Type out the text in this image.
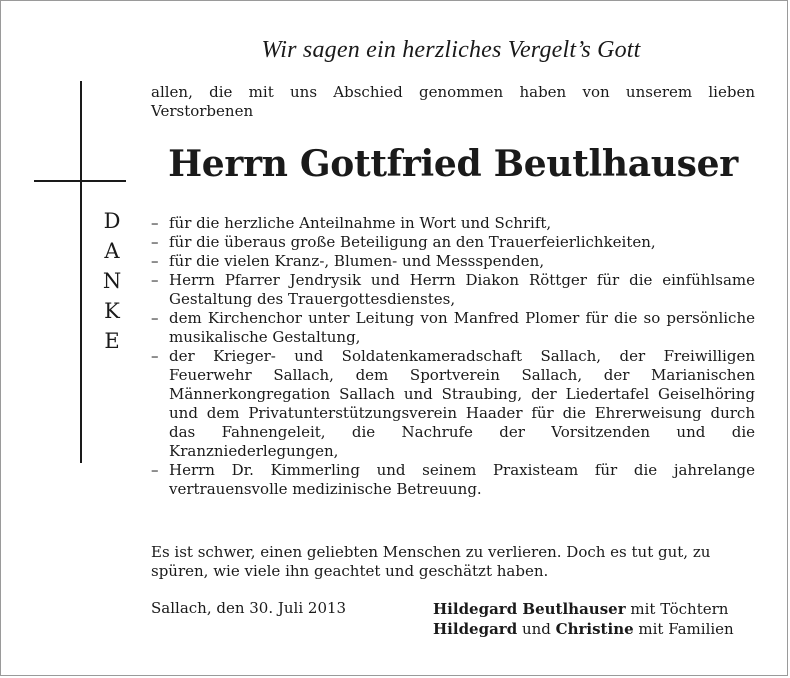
Wir sagen ein herzliches Vergelt’s Gott
allen, die mit uns Abschied genommen haben von unserem lieben Verstorbenen
Herrn Gottfried Beutlhauser
D
A
N
K
E
– für die herzliche Anteilnahme in Wort und Schrift,
– für die überaus große Beteiligung an den Trauerfeierlichkeiten,
– für die vielen Kranz-, Blumen- und Messspenden,
– Herrn Pfarrer Jendrysik und Herrn Diakon Röttger für die einfühlsame Gestaltung des Trauergottesdienstes,
– dem Kirchenchor unter Leitung von Manfred Plomer für die so persönliche musikalische Gestaltung,
– der Krieger- und Soldatenkameradschaft Sallach, der Freiwilligen Feuerwehr Sallach, dem Sportverein Sallach, der Marianischen Männerkongregation Sallach und Straubing, der Liedertafel Geiselhöring und dem Privatunterstützungsverein Haader für die Ehrerweisung durch das Fahnengeleit, die Nachrufe der Vorsitzenden und die Kranzniederlegungen,
– Herrn Dr. Kimmerling und seinem Praxisteam für die jahrelange vertrauensvolle medizinische Betreuung.
Es ist schwer, einen geliebten Menschen zu verlieren. Doch es tut gut, zu spüren, wie viele ihn geachtet und geschätzt haben.
Sallach, den 30. Juli 2013	Hildegard Beutlhauser mit Töchtern
Hildegard und Christine mit Familien
